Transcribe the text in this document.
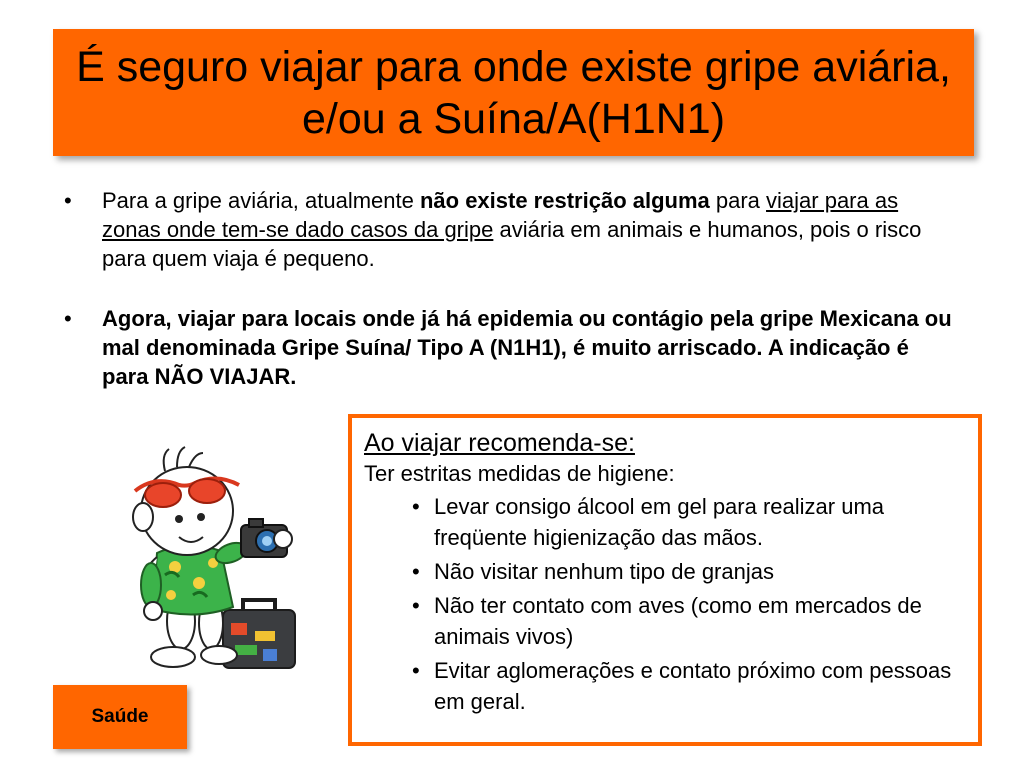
É seguro viajar para onde existe gripe aviária, e/ou a Suína/A(H1N1)
• Para a gripe aviária, atualmente não existe restrição alguma para viajar para as zonas onde tem-se dado casos da gripe aviária em animais e humanos, pois o risco para quem viaja é pequeno.
• Agora, viajar para locais onde já há epidemia ou contágio pela gripe Mexicana ou mal denominada Gripe Suína/ Tipo A (N1H1), é muito arriscado. A indicação é para NÃO VIAJAR.
Saúde
Ao viajar recomenda-se:
Ter estritas medidas de higiene:
• Levar consigo álcool em gel para realizar uma freqüente higienização das mãos.
• Não visitar nenhum tipo de granjas
• Não ter contato com aves (como em mercados de animais vivos)
• Evitar aglomerações e contato próximo com pessoas em geral.
